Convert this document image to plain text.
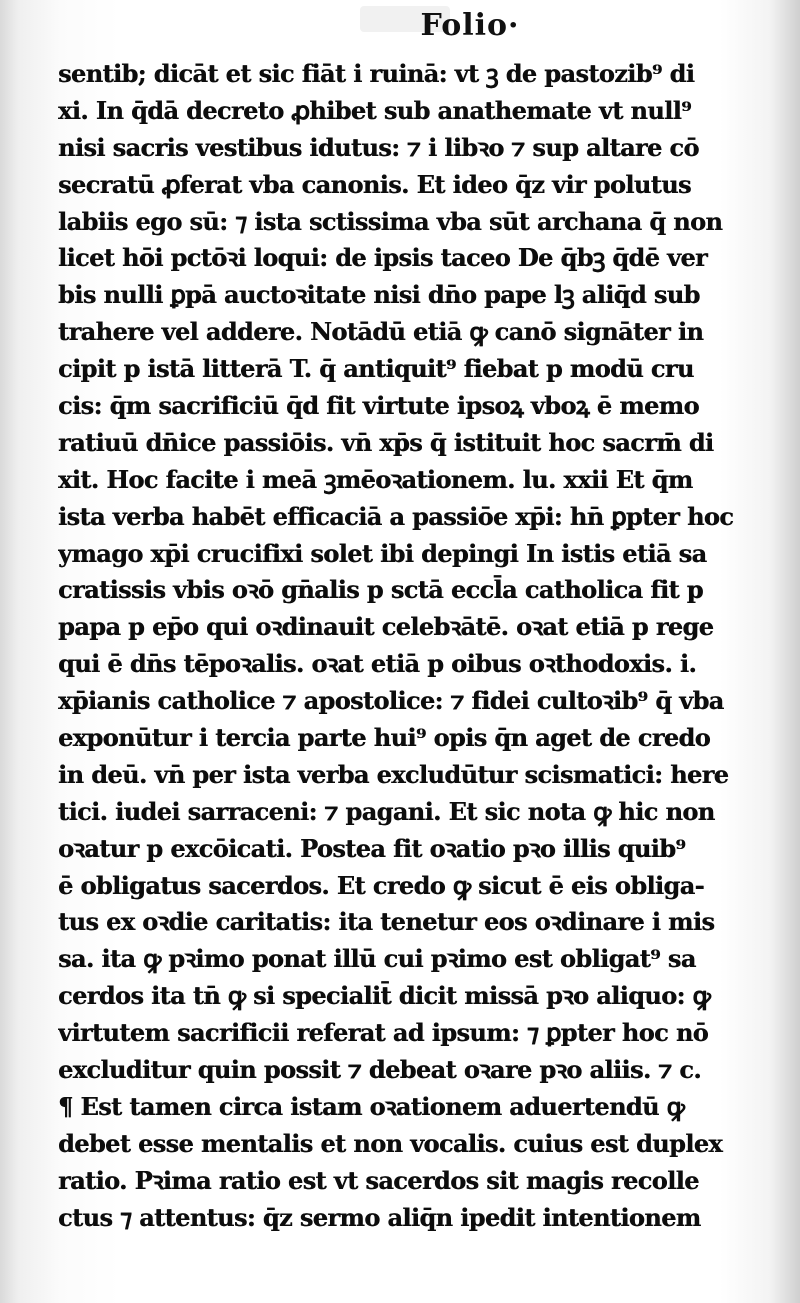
Folio·
sentib; dicāt et sic fiāt i ruinā: vt ꝫ de pastozib⁹ di
xi. In q̄dā decreto ꝓhibet sub anathemate vt null⁹
nisi sacris vestibus idutus: ⁊ i libꝛo ⁊ sup altare cō
secratū ꝓferat vba canonis. Et ideo q̄z vir polutus
labiis ego sū: ⁊ ista sctissima vba sūt archana q̄ non
licet hōi pctōꝛi loqui: de ipsis taceo De q̄bꝫ q̄dē ver
bis nulli ꝑpā auctoꝛitate nisi dn̄o pape lꝫ aliq̄d sub
trahere vel addere. Notādū etiā ꝙ canō signāter in
cipit p istā litterā T. q̄ antiquit⁹ fiebat p modū cru
cis: q̄m sacrificiū q̄d fit virtute ipsoꝝ vboꝝ ē memo
ratiuū dn̄ice passiōis. vn̄ xp̄s q̄ istituit hoc sacrm̄ di
xit. Hoc facite i meā ꝫmēoꝛationem. lu. xxii Et q̄m
ista verba habēt efficaciā a passiōe xp̄i: hn̄ ꝑpter hoc
ymago xp̄i crucifixi solet ibi depingi In istis etiā sa
cratissis vbis oꝛō gn̄alis p sctā eccl̄a catholica fit p
papa p ep̄o qui oꝛdinauit celebꝛātē. oꝛat etiā p rege
qui ē dn̄s tēpoꝛalis. oꝛat etiā p oibus oꝛthodoxis. i.
xp̄ianis catholice ⁊ apostolice: ⁊ fidei cultoꝛib⁹ q̄ vba
exponūtur i tercia parte hui⁹ opis q̄n aget de credo
in deū. vn̄ per ista verba excludūtur scismatici: here
tici. iudei sarraceni: ⁊ pagani. Et sic nota ꝙ hic non
oꝛatur p excōicati. Postea fit oꝛatio pꝛo illis quib⁹
ē obligatus sacerdos. Et credo ꝙ sicut ē eis obliga-
tus ex oꝛdie caritatis: ita tenetur eos oꝛdinare i mis
sa. ita ꝙ pꝛimo ponat illū cui pꝛimo est obligat⁹ sa
cerdos ita tn̄ ꝙ si specialit̄ dicit missā pꝛo aliquo: ꝙ
virtutem sacrificii referat ad ipsum: ⁊ ꝑpter hoc nō
excluditur quin possit ⁊ debeat oꝛare pꝛo aliis. ⁊ c.
¶ Est tamen circa istam oꝛationem aduertendū ꝙ
debet esse mentalis et non vocalis. cuius est duplex
ratio. Pꝛima ratio est vt sacerdos sit magis recolle
ctus ⁊ attentus: q̄z sermo aliq̄n ipedit intentionem
